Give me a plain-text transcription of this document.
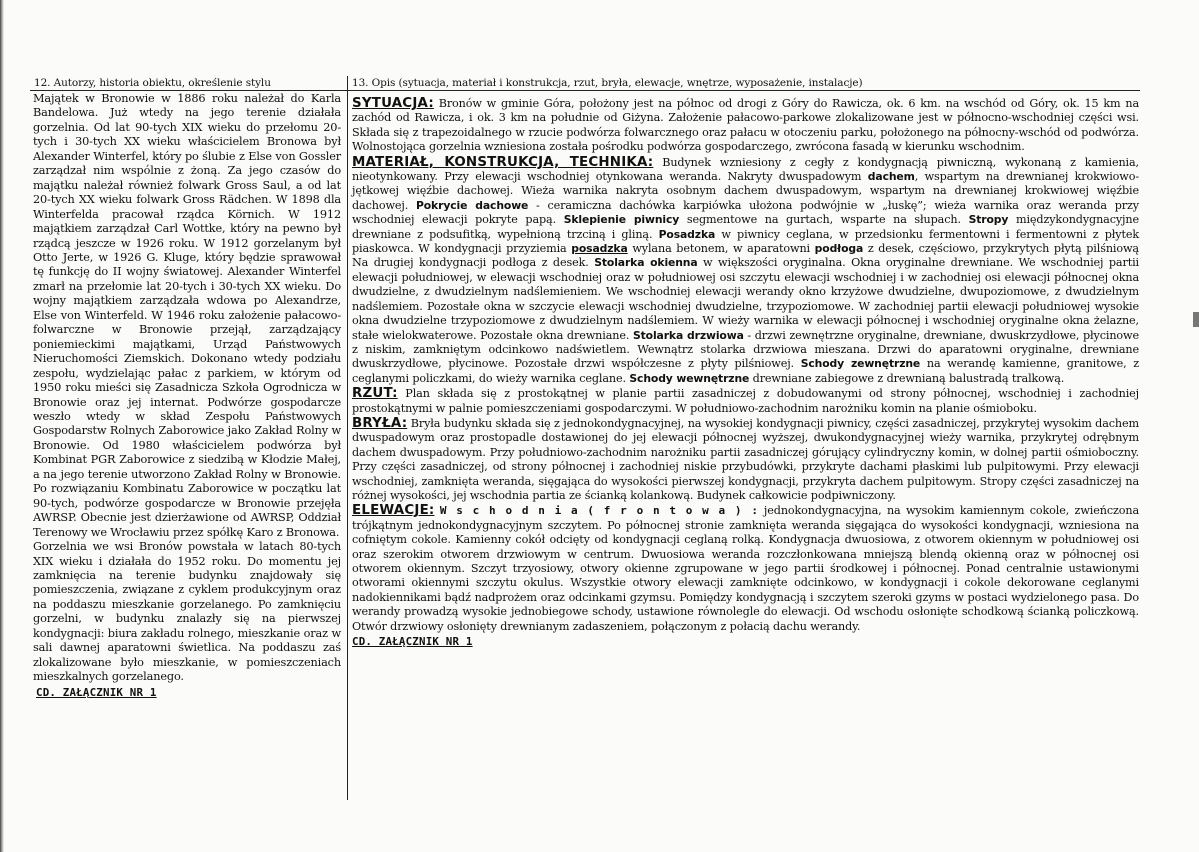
12. Autorzy, historia obiektu, określenie stylu	13. Opis (sytuacja, materiał i konstrukcja, rzut, bryła, elewacje, wnętrze, wyposażenie, instalacje)

Majątek w Bronowie w 1886 roku należał do Karla Bandelowa. Już wtedy na jego terenie działała gorzelnia. Od lat 90-tych XIX wieku do przełomu 20-tych i 30-tych XX wieku właścicielem Bronowa był Alexander Winterfel, który po ślubie z Else von Gossler zarządzał nim wspólnie z żoną. Za jego czasów do majątku należał również folwark Gross Saul, a od lat 20-tych XX wieku folwark Gross Rädchen. W 1898 dla Winterfelda pracował rządca Körnich. W 1912 majątkiem zarządzał Carl Wottke, który na pewno był rządcą jeszcze w 1926 roku. W 1912 gorzelanym był Otto Jerte, w 1926 G. Kluge, który będzie sprawował tę funkcję do II wojny światowej. Alexander Winterfel zmarł na przełomie lat 20-tych i 30-tych XX wieku. Do wojny majątkiem zarządzała wdowa po Alexandrze, Else von Winterfeld. W 1946 roku założenie pałacowo-folwarczne w Bronowie przejął, zarządzający poniemieckimi majątkami, Urząd Państwowych Nieruchomości Ziemskich. Dokonano wtedy podziału zespołu, wydzielając pałac z parkiem, w którym od 1950 roku mieści się Zasadnicza Szkoła Ogrodnicza w Bronowie oraz jej internat. Podwórze gospodarcze weszło wtedy w skład Zespołu Państwowych Gospodarstw Rolnych Zaborowice jako Zakład Rolny w Bronowie. Od 1980 właścicielem podwórza był Kombinat PGR Zaborowice z siedzibą w Kłodzie Małej, a na jego terenie utworzono Zakład Rolny w Bronowie. Po rozwiązaniu Kombinatu Zaborowice w początku lat 90-tych, podwórze gospodarcze w Bronowie przejęła AWRSP. Obecnie jest dzierżawione od AWRSP, Oddział Terenowy we Wrocławiu przez spółkę Karo z Bronowa.

Gorzelnia we wsi Bronów powstała w latach 80-tych XIX wieku i działała do 1952 roku. Do momentu jej zamknięcia na terenie budynku znajdowały się pomieszczenia, związane z cyklem produkcyjnym oraz na poddaszu mieszkanie gorzelanego. Po zamknięciu gorzelni, w budynku znalazły się na pierwszej kondygnacji: biura zakładu rolnego, mieszkanie oraz w sali dawnej aparatowni świetlica. Na poddaszu zaś zlokalizowane było mieszkanie, w pomieszczeniach mieszkalnych gorzelanego.

CD. ZAŁĄCZNIK NR 1

SYTUACJA: Bronów w gminie Góra, położony jest na północ od drogi z Góry do Rawicza, ok. 6 km. na wschód od Góry, ok. 15 km na zachód od Rawicza, i ok. 3 km na południe od Giżyna. Założenie pałacowo-parkowe zlokalizowane jest w północno-wschodniej części wsi. Składa się z trapezoidalnego w rzucie podwórza folwarcznego oraz pałacu w otoczeniu parku, położonego na północny-wschód od podwórza. Wolnostojąca gorzelnia wzniesiona została pośrodku podwórza gospodarczego, zwrócona fasadą w kierunku wschodnim.

MATERIAŁ, KONSTRUKCJA, TECHNIKA: Budynek wzniesiony z cegły z kondygnacją piwniczną, wykonaną z kamienia, nieotynkowany. Przy elewacji wschodniej otynkowana weranda. Nakryty dwuspadowym dachem, wspartym na drewnianej krokwiowo-jętkowej więźbie dachowej. Wieża warnika nakryta osobnym dachem dwuspadowym, wspartym na drewnianej krokwiowej więźbie dachowej. Pokrycie dachowe - ceramiczna dachówka karpiówka ułożona podwójnie w „łuskę”; wieża warnika oraz weranda przy wschodniej elewacji pokryte papą. Sklepienie piwnicy segmentowe na gurtach, wsparte na słupach. Stropy międzykondygnacyjne drewniane z podsufitką, wypełnioną trzciną i gliną. Posadzka w piwnicy ceglana, w przedsionku fermentowni i fermentowni z płytek piaskowca. W kondygnacji przyziemia posadzka wylana betonem, w aparatowni podłoga z desek, częściowo, przykrytych płytą pilśniową Na drugiej kondygnacji podłoga z desek. Stolarka okienna w większości oryginalna. Okna oryginalne drewniane. We wschodniej partii elewacji południowej, w elewacji wschodniej oraz w południowej osi szczytu elewacji wschodniej i w zachodniej osi elewacji północnej okna dwudzielne, z dwudzielnym nadślemieniem. We wschodniej elewacji werandy okno krzyżowe dwudzielne, dwupoziomowe, z dwudzielnym nadślemiem. Pozostałe okna w szczycie elewacji wschodniej dwudzielne, trzypoziomowe. W zachodniej partii elewacji południowej wysokie okna dwudzielne trzypoziomowe z dwudzielnym nadślemiem. W wieży warnika w elewacji północnej i wschodniej oryginalne okna żelazne, stałe wielokwaterowe. Pozostałe okna drewniane. Stolarka drzwiowa - drzwi zewnętrzne oryginalne, drewniane, dwuskrzydłowe, płycinowe z niskim, zamkniętym odcinkowo nadświetlem. Wewnątrz stolarka drzwiowa mieszana. Drzwi do aparatowni oryginalne, drewniane dwuskrzydłowe, płycinowe. Pozostałe drzwi współczesne z płyty pilśniowej. Schody zewnętrzne na werandę kamienne, granitowe, z ceglanymi policzkami, do wieży warnika ceglane. Schody wewnętrzne drewniane zabiegowe z drewnianą balustradą tralkową.

RZUT: Plan składa się z prostokątnej w planie partii zasadniczej z dobudowanymi od strony północnej, wschodniej i zachodniej prostokątnymi w palnie pomieszczeniami gospodarczymi. W południowo-zachodnim narożniku komin na planie ośmioboku.

BRYŁA: Bryła budynku składa się z jednokondygnacyjnej, na wysokiej kondygnacji piwnicy, części zasadniczej, przykrytej wysokim dachem dwuspadowym oraz prostopadle dostawionej do jej elewacji północnej wyższej, dwukondygnacyjnej wieży warnika, przykrytej odrębnym dachem dwuspadowym. Przy południowo-zachodnim narożniku partii zasadniczej górujący cylindryczny komin, w dolnej partii ośmioboczny. Przy części zasadniczej, od strony północnej i zachodniej niskie przybudówki, przykryte dachami płaskimi lub pulpitowymi. Przy elewacji wschodniej, zamknięta weranda, sięgająca do wysokości pierwszej kondygnacji, przykryta dachem pulpitowym. Stropy części zasadniczej na różnej wysokości, jej wschodnia partia ze ścianką kolankową. Budynek całkowicie podpiwniczony.

ELEWACJE: W s c h o d n i a ( f r o n t o w a ) : jednokondygnacyjna, na wysokim kamiennym cokole, zwieńczona trójkątnym jednokondygnacyjnym szczytem. Po północnej stronie zamknięta weranda sięgająca do wysokości kondygnacji, wzniesiona na cofniętym cokole. Kamienny cokół odcięty od kondygnacji ceglaną rolką. Kondygnacja dwuosiowa, z otworem okiennym w południowej osi oraz szerokim otworem drzwiowym w centrum. Dwuosiowa weranda rozczłonkowana mniejszą blendą okienną oraz w północnej osi otworem okiennym. Szczyt trzyosiowy, otwory okienne zgrupowane w jego partii środkowej i północnej. Ponad centralnie ustawionymi otworami okiennymi szczytu okulus. Wszystkie otwory elewacji zamknięte odcinkowo, w kondygnacji i cokole dekorowane ceglanymi nadokiennikami bądź nadprożem oraz odcinkami gzymsu. Pomiędzy kondygnacją i szczytem szeroki gzyms w postaci wydzielonego pasa. Do werandy prowadzą wysokie jednobiegowe schody, ustawione równolegle do elewacji. Od wschodu osłonięte schodkową ścianką policzkową. Otwór drzwiowy osłonięty drewnianym zadaszeniem, połączonym z połacią dachu werandy.

CD. ZAŁĄCZNIK NR 1
